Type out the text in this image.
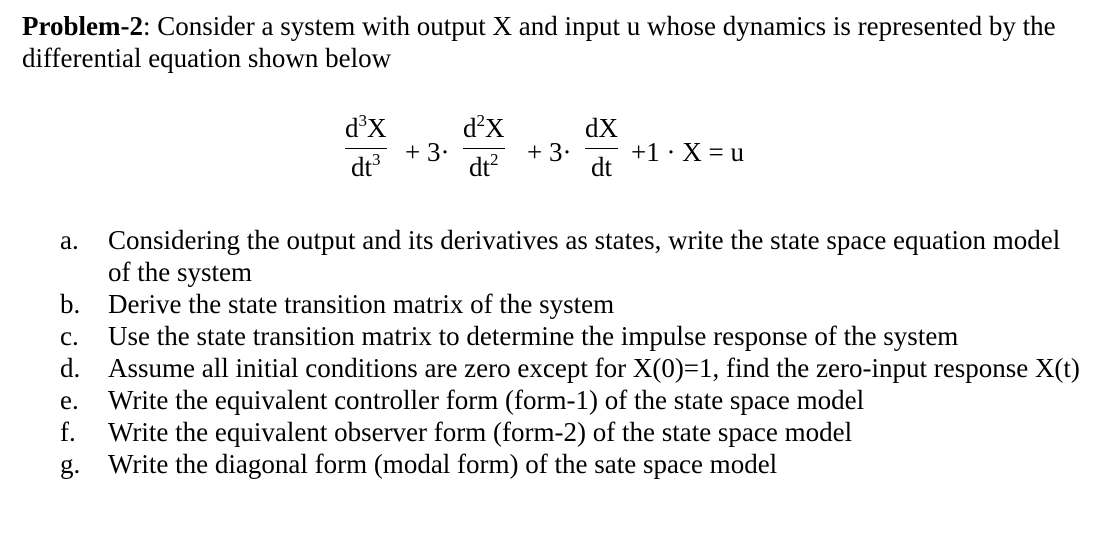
Problem-2: Consider a system with output X and input u whose dynamics is represented by the differential equation shown below

$d^3X$
$dt^3 + 3\cdot$
$d^2X$
$dt^2 + 3\cdot$
dX
dt +1 · X = u
a.	Considering the output and its derivatives as states, write the state space equation model of the system
b.	Derive the state transition matrix of the system
c.	Use the state transition matrix to determine the impulse response of the system
d.	Assume all initial conditions are zero except for X(0)=1, find the zero-input response X(t)
e.	Write the equivalent controller form (form-1) of the state space model
f.	Write the equivalent observer form (form-2) of the state space model
g.	Write the diagonal form (modal form) of the sate space model
